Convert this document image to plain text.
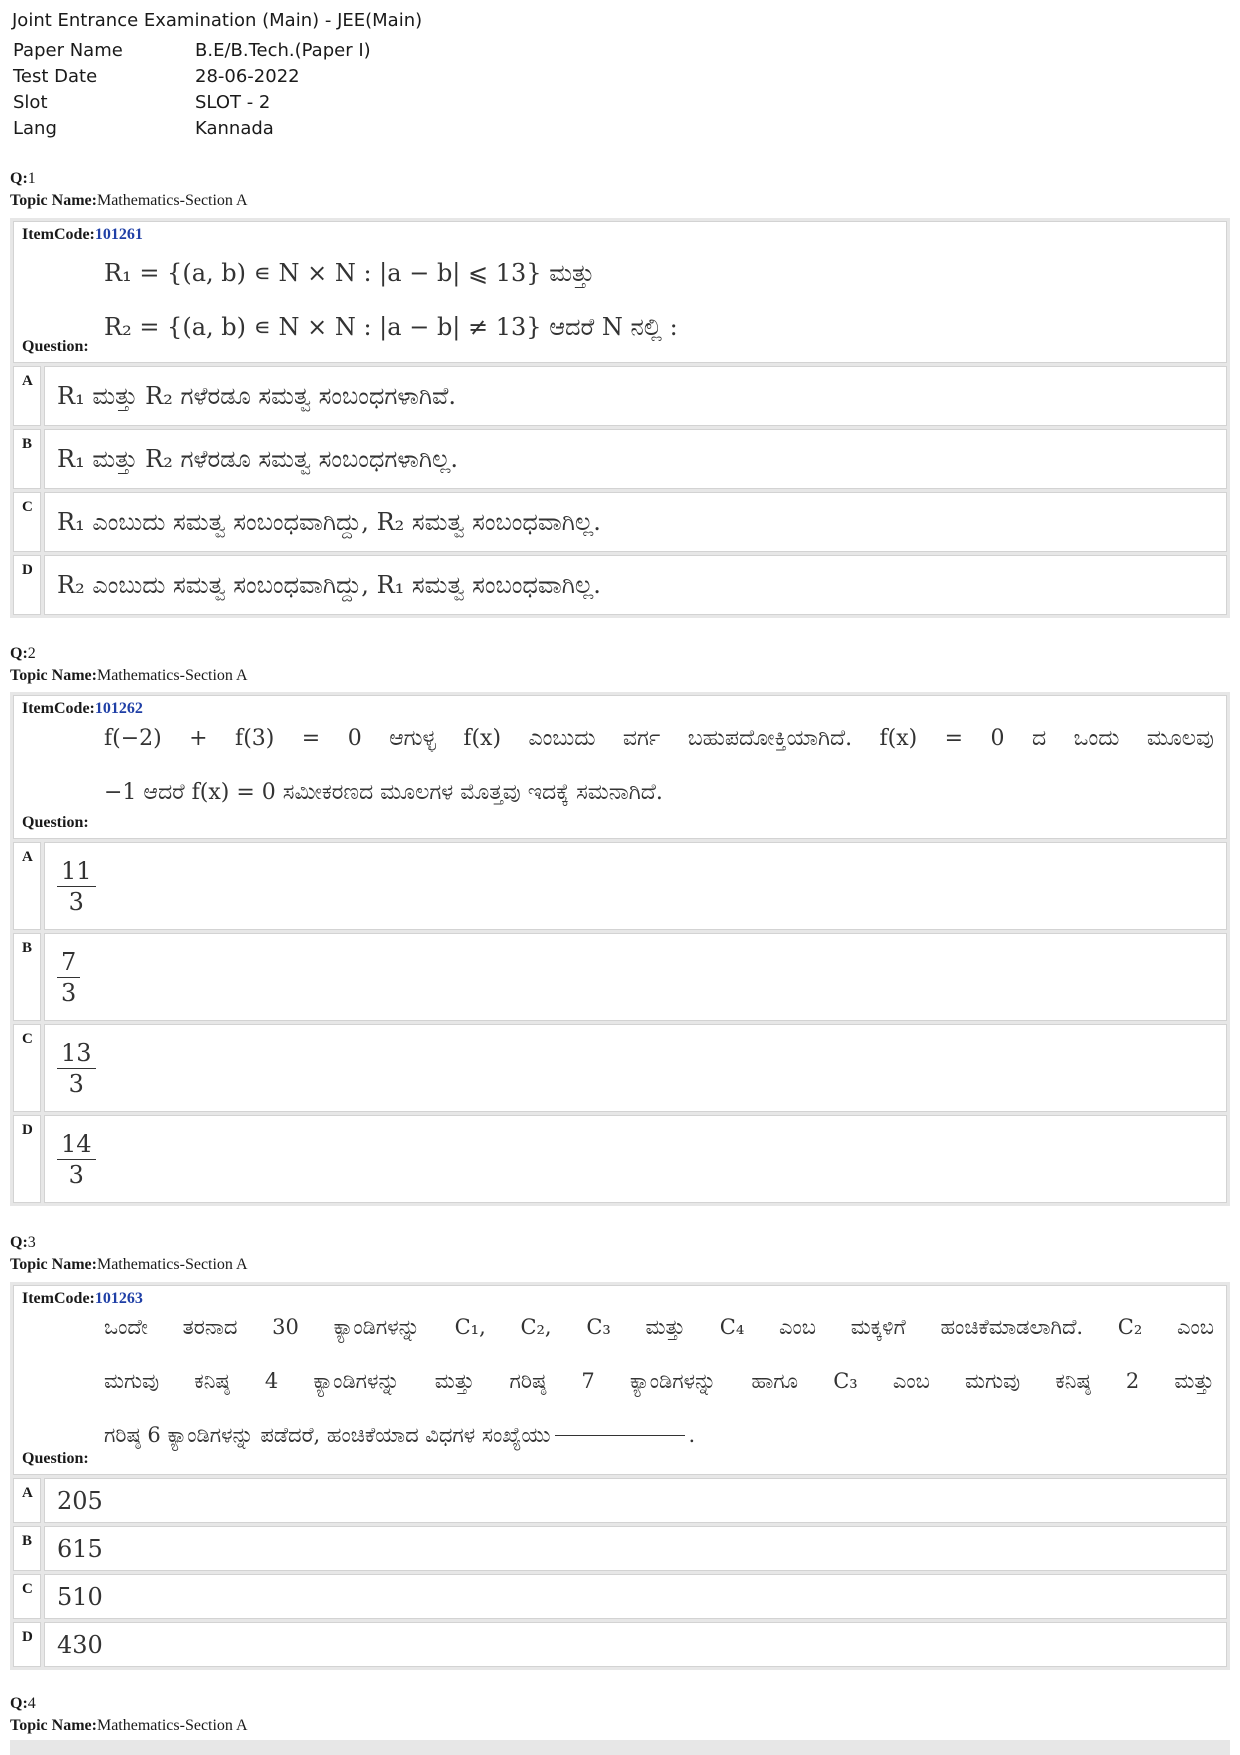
Joint Entrance Examination (Main) - JEE(Main)
Paper Name	B.E/B.Tech.(Paper I)
Test Date	28-06-2022
Slot	SLOT - 2
Lang	Kannada
Q:1
Topic Name:Mathematics-Section A
ItemCode:101261
R₁ = {(a, b) ∊ N × N : |a − b| ⩽ 13} ಮತ್ತು
R₂ = {(a, b) ∊ N × N : |a − b| ≠ 13} ಆದರೆ N ನಲ್ಲಿ :
Question:
A
R₁ ಮತ್ತು R₂ ಗಳೆರಡೂ ಸಮತ್ವ ಸಂಬಂಧಗಳಾಗಿವೆ.
B
R₁ ಮತ್ತು R₂ ಗಳೆರಡೂ ಸಮತ್ವ ಸಂಬಂಧಗಳಾಗಿಲ್ಲ.
C
R₁ ಎಂಬುದು ಸಮತ್ವ ಸಂಬಂಧವಾಗಿದ್ದು, R₂ ಸಮತ್ವ ಸಂಬಂಧವಾಗಿಲ್ಲ.
D
R₂ ಎಂಬುದು ಸಮತ್ವ ಸಂಬಂಧವಾಗಿದ್ದು, R₁ ಸಮತ್ವ ಸಂಬಂಧವಾಗಿಲ್ಲ.
Q:2
Topic Name:Mathematics-Section A
ItemCode:101262
f(−2) + f(3) = 0 ಆಗುಳ್ಳ f(x) ಎಂಬುದು ವರ್ಗ ಬಹುಪದೋಕ್ತಿಯಾಗಿದೆ. f(x) = 0 ದ ಒಂದು ಮೂಲವು
−1 ಆದರೆ f(x) = 0 ಸಮೀಕರಣದ ಮೂಲಗಳ ಮೊತ್ತವು ಇದಕ್ಕೆ ಸಮನಾಗಿದೆ.
Question:
A	$\frac{11}{3}$
B	$\frac{7}{3}$
C	$\frac{13}{3}$
D	$\frac{14}{3}$
Q:3
Topic Name:Mathematics-Section A
ItemCode:101263
ಒಂದೇ ತರನಾದ 30 ಕ್ಯಾಂಡಿಗಳನ್ನು C₁, C₂, C₃ ಮತ್ತು C₄ ಎಂಬ ಮಕ್ಕಳಿಗೆ ಹಂಚಿಕೆಮಾಡಲಾಗಿದೆ. C₂ ಎಂಬ
ಮಗುವು ಕನಿಷ್ಠ 4 ಕ್ಯಾಂಡಿಗಳನ್ನು ಮತ್ತು ಗರಿಷ್ಠ 7 ಕ್ಯಾಂಡಿಗಳನ್ನು ಹಾಗೂ C₃ ಎಂಬ ಮಗುವು ಕನಿಷ್ಠ 2 ಮತ್ತು
ಗರಿಷ್ಠ 6 ಕ್ಯಾಂಡಿಗಳನ್ನು ಪಡೆದರೆ, ಹಂಚಿಕೆಯಾದ ವಿಧಗಳ ಸಂಖ್ಯೆಯು	.
Question:
A	205
B	615
C	510
D	430
Q:4
Topic Name:Mathematics-Section A
